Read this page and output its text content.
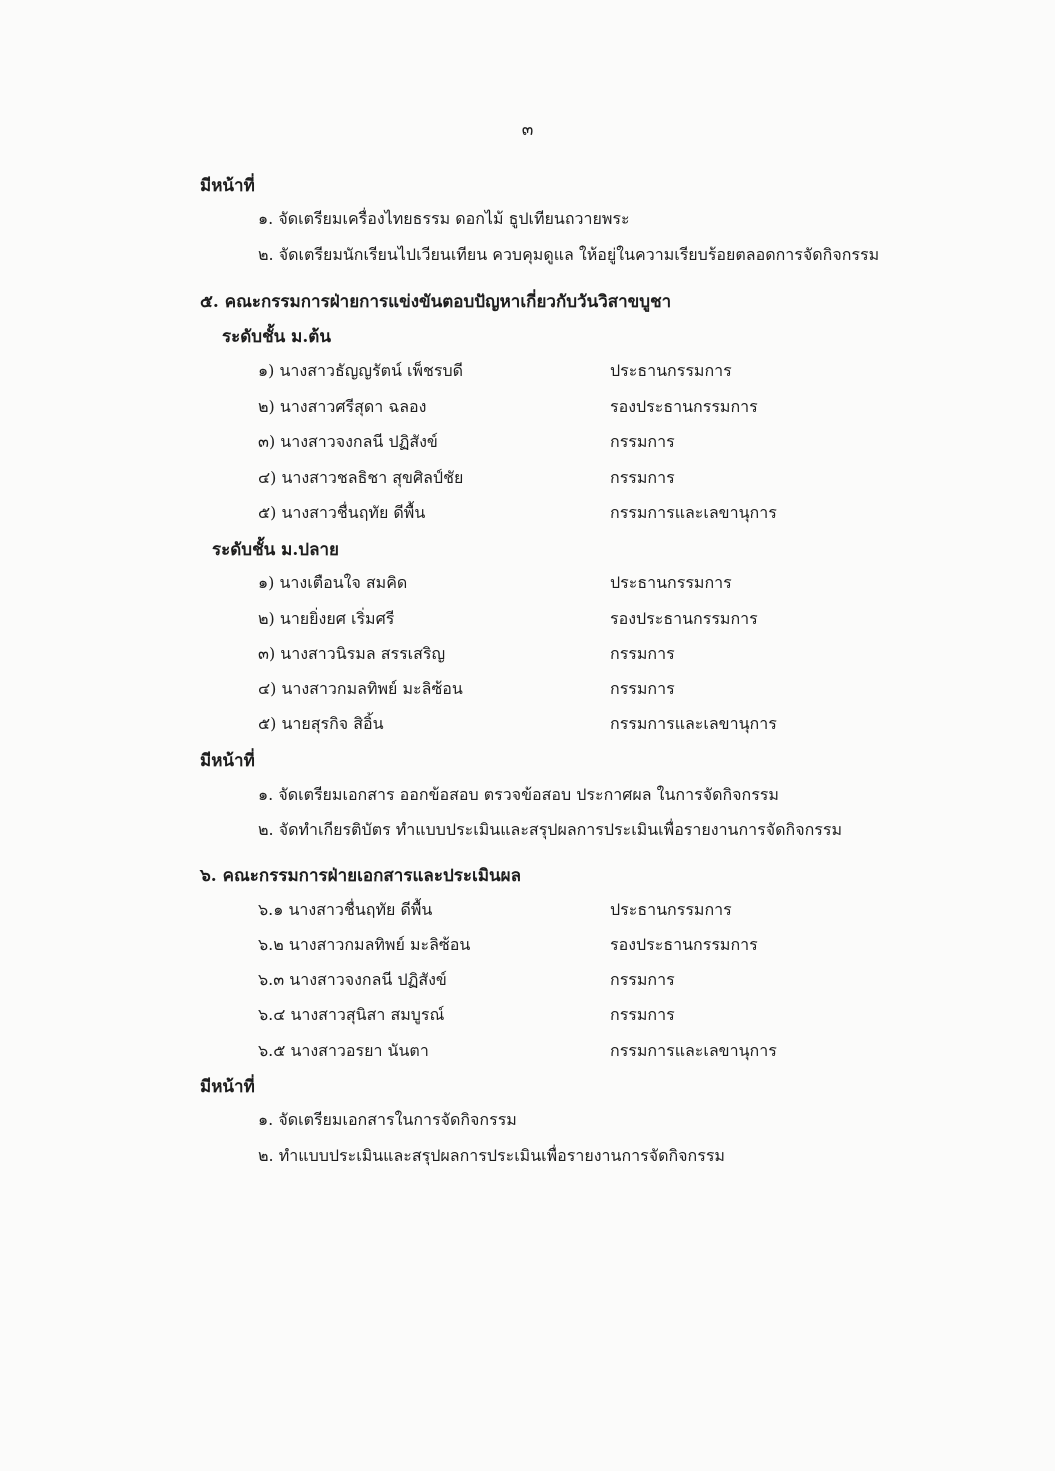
๓
มีหน้าที่
๑. จัดเตรียมเครื่องไทยธรรม ดอกไม้ ธูปเทียนถวายพระ
๒. จัดเตรียมนักเรียนไปเวียนเทียน ควบคุมดูแล ให้อยู่ในความเรียบร้อยตลอดการจัดกิจกรรม
๕. คณะกรรมการฝ่ายการแข่งขันตอบปัญหาเกี่ยวกับวันวิสาขบูชา
ระดับชั้น ม.ต้น
๑) นางสาวธัญญรัตน์ เพ็ชรบดี	ประธานกรรมการ
๒) นางสาวศรีสุดา ฉลอง	รองประธานกรรมการ
๓) นางสาวจงกลนี ปฏิสังข์	กรรมการ
๔) นางสาวชลธิชา สุขศิลป์ชัย	กรรมการ
๕) นางสาวชื่นฤทัย ดีพื้น	กรรมการและเลขานุการ
ระดับชั้น ม.ปลาย
๑) นางเตือนใจ สมคิด	ประธานกรรมการ
๒) นายยิ่งยศ เริ่มศรี	รองประธานกรรมการ
๓) นางสาวนิรมล สรรเสริญ	กรรมการ
๔) นางสาวกมลทิพย์ มะลิซ้อน	กรรมการ
๕) นายสุรกิจ สิอิ้น	กรรมการและเลขานุการ
มีหน้าที่
๑. จัดเตรียมเอกสาร ออกข้อสอบ ตรวจข้อสอบ ประกาศผล ในการจัดกิจกรรม
๒. จัดทำเกียรติบัตร ทำแบบประเมินและสรุปผลการประเมินเพื่อรายงานการจัดกิจกรรม
๖. คณะกรรมการฝ่ายเอกสารและประเมินผล
๖.๑ นางสาวชื่นฤทัย ดีพื้น	ประธานกรรมการ
๖.๒ นางสาวกมลทิพย์ มะลิซ้อน	รองประธานกรรมการ
๖.๓ นางสาวจงกลนี ปฏิสังข์	กรรมการ
๖.๔ นางสาวสุนิสา สมบูรณ์	กรรมการ
๖.๕ นางสาวอรยา นันตา	กรรมการและเลขานุการ
มีหน้าที่
๑. จัดเตรียมเอกสารในการจัดกิจกรรม
๒. ทำแบบประเมินและสรุปผลการประเมินเพื่อรายงานการจัดกิจกรรม
